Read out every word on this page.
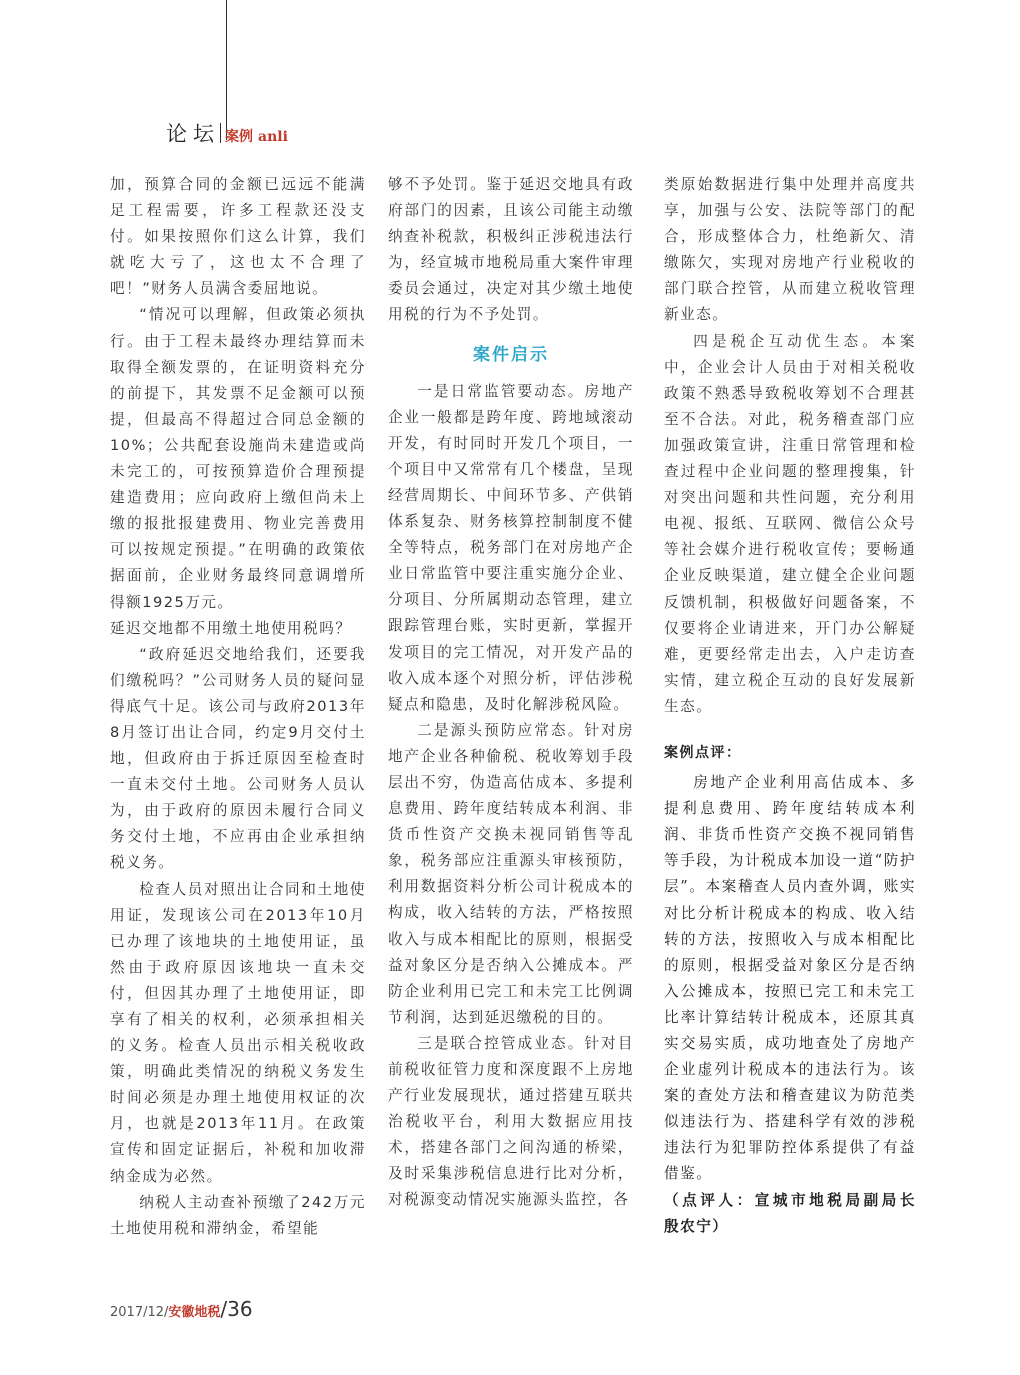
论坛 案例 anli

加，预算合同的金额已远远不能满足工程需要，许多工程款还没支付。如果按照你们这么计算，我们就吃大亏了，这也太不合理了吧！”财务人员满含委屈地说。

“情况可以理解，但政策必须执行。由于工程未最终办理结算而未取得全额发票的，在证明资料充分的前提下，其发票不足金额可以预提，但最高不得超过合同总金额的10%；公共配套设施尚未建造或尚未完工的，可按预算造价合理预提建造费用；应向政府上缴但尚未上缴的报批报建费用、物业完善费用可以按规定预提。”在明确的政策依据面前，企业财务最终同意调增所得额1925万元。

延迟交地都不用缴土地使用税吗？

“政府延迟交地给我们，还要我们缴税吗？”公司财务人员的疑问显得底气十足。该公司与政府2013年8月签订出让合同，约定9月交付土地，但政府由于拆迁原因至检查时一直未交付土地。公司财务人员认为，由于政府的原因未履行合同义务交付土地，不应再由企业承担纳税义务。

检查人员对照出让合同和土地使用证，发现该公司在2013年10月已办理了该地块的土地使用证，虽然由于政府原因该地块一直未交付，但因其办理了土地使用证，即享有了相关的权利，必须承担相关的义务。检查人员出示相关税收政策，明确此类情况的纳税义务发生时间必须是办理土地使用权证的次月，也就是2013年11月。在政策宣传和固定证据后，补税和加收滞纳金成为必然。

纳税人主动查补预缴了242万元土地使用税和滞纳金，希望能

够不予处罚。鉴于延迟交地具有政府部门的因素，且该公司能主动缴纳查补税款，积极纠正涉税违法行为，经宣城市地税局重大案件审理委员会通过，决定对其少缴土地使用税的行为不予处罚。

案件启示

一是日常监管要动态。房地产企业一般都是跨年度、跨地域滚动开发，有时同时开发几个项目，一个项目中又常常有几个楼盘，呈现经营周期长、中间环节多、产供销体系复杂、财务核算控制制度不健全等特点，税务部门在对房地产企业日常监管中要注重实施分企业、分项目、分所属期动态管理，建立跟踪管理台账，实时更新，掌握开发项目的完工情况，对开发产品的收入成本逐个对照分析，评估涉税疑点和隐患，及时化解涉税风险。

二是源头预防应常态。针对房地产企业各种偷税、税收筹划手段层出不穷，伪造高估成本、多提利息费用、跨年度结转成本利润、非货币性资产交换未视同销售等乱象，税务部应注重源头审核预防，利用数据资料分析公司计税成本的构成，收入结转的方法，严格按照收入与成本相配比的原则，根据受益对象区分是否纳入公摊成本。严防企业利用已完工和未完工比例调节利润，达到延迟缴税的目的。

三是联合控管成业态。针对目前税收征管力度和深度跟不上房地产行业发展现状，通过搭建互联共治税收平台，利用大数据应用技术，搭建各部门之间沟通的桥梁，及时采集涉税信息进行比对分析，对税源变动情况实施源头监控，各

类原始数据进行集中处理并高度共享，加强与公安、法院等部门的配合，形成整体合力，杜绝新欠、清缴陈欠，实现对房地产行业税收的部门联合控管，从而建立税收管理新业态。

四是税企互动优生态。本案中，企业会计人员由于对相关税收政策不熟悉导致税收筹划不合理甚至不合法。对此，税务稽查部门应加强政策宣讲，注重日常管理和检查过程中企业问题的整理搜集，针对突出问题和共性问题，充分利用电视、报纸、互联网、微信公众号等社会媒介进行税收宣传；要畅通企业反映渠道，建立健全企业问题反馈机制，积极做好问题备案，不仅要将企业请进来，开门办公解疑难，更要经常走出去，入户走访查实情，建立税企互动的良好发展新生态。

案例点评：

房地产企业利用高估成本、多提利息费用、跨年度结转成本利润、非货币性资产交换不视同销售等手段，为计税成本加设一道“防护层”。本案稽查人员内查外调，账实对比分析计税成本的构成、收入结转的方法，按照收入与成本相配比的原则，根据受益对象区分是否纳入公摊成本，按照已完工和未完工比率计算结转计税成本，还原其真实交易实质，成功地查处了房地产企业虚列计税成本的违法行为。该案的查处方法和稽查建议为防范类似违法行为、搭建科学有效的涉税违法行为犯罪防控体系提供了有益借鉴。

（点评人：宣城市地税局副局长　殷农宁）

2017/12/ 安徽地税 / 36
